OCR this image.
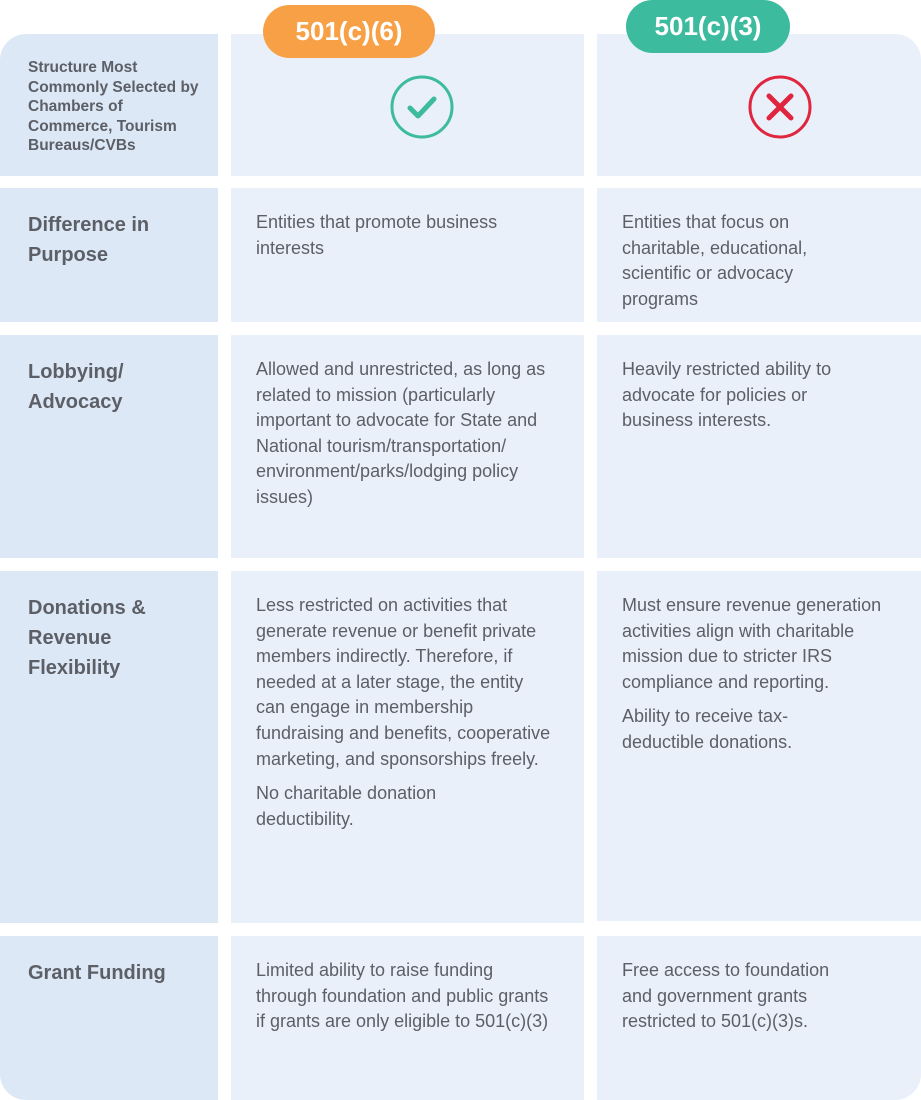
Structure Most Commonly Selected by Chambers of Commerce, Tourism Bureaus/CVBs
501(c)(6)	501(c)(3)
Difference in Purpose

Entities that promote business interests

Entities that focus on charitable, educational, scientific or advocacy programs

Lobbying/ Advocacy

Allowed and unrestricted, as long as related to mission (particularly important to advocate for State and National tourism/transportation/ environment/parks/lodging policy issues)

Heavily restricted ability to advocate for policies or business interests.

Donations & Revenue Flexibility

Less restricted on activities that generate revenue or benefit private members indirectly. Therefore, if needed at a later stage, the entity can engage in membership fundraising and benefits, cooperative marketing, and sponsorships freely.

No charitable donation deductibility.

Must ensure revenue generation activities align with charitable mission due to stricter IRS compliance and reporting.

Ability to receive tax-deductible donations.

Grant Funding	Limited ability to raise funding through foundation and public grants if grants are only eligible to 501(c)(3)

Free access to foundation and government grants restricted to 501(c)(3)s.
